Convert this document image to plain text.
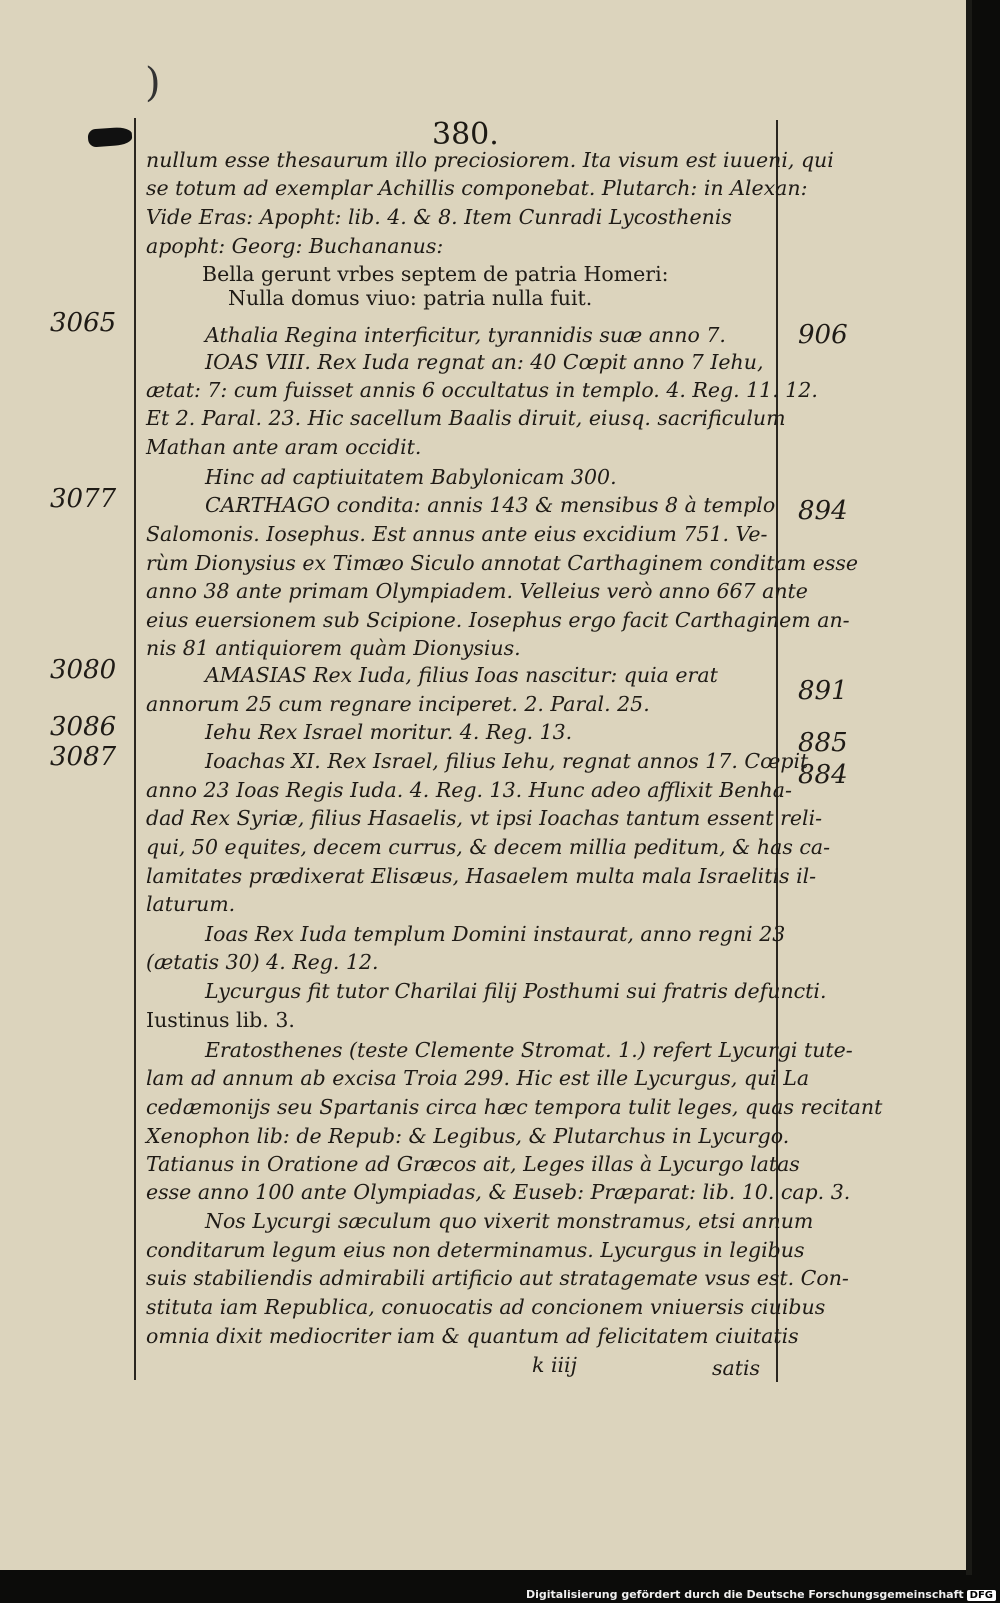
)
380.
nullum esse thesaurum illo preciosiorem. Ita visum est iuueni, qui
se totum ad exemplar Achillis componebat. Plutarch: in Alexan:
Vide Eras: Apopht: lib. 4. & 8. Item Cunradi Lycosthenis
apopht: Georg: Buchananus:
Bella gerunt vrbes septem de patria Homeri:
Nulla domus viuo: patria nulla fuit.
Athalia Regina interficitur, tyrannidis suæ anno 7.
IOAS VIII. Rex Iuda regnat an: 40 Cœpit anno 7 Iehu,
ætat: 7: cum fuisset annis 6 occultatus in templo. 4. Reg. 11. 12.
Et 2. Paral. 23. Hic sacellum Baalis diruit, eiusq. sacrificulum
Mathan ante aram occidit.
Hinc ad captiuitatem Babylonicam 300.
CARTHAGO condita: annis 143 & mensibus 8 à templo
Salomonis. Iosephus. Est annus ante eius excidium 751. Ve-
rùm Dionysius ex Timæo Siculo annotat Carthaginem conditam esse
anno 38 ante primam Olympiadem. Velleius verò anno 667 ante
eius euersionem sub Scipione. Iosephus ergo facit Carthaginem an-
nis 81 antiquiorem quàm Dionysius.
AMASIAS Rex Iuda, filius Ioas nascitur: quia erat
annorum 25 cum regnare inciperet. 2. Paral. 25.
Iehu Rex Israel moritur. 4. Reg. 13.
Ioachas XI. Rex Israel, filius Iehu, regnat annos 17. Cœpit
anno 23 Ioas Regis Iuda. 4. Reg. 13. Hunc adeo afflixit Benha-
dad Rex Syriæ, filius Hasaelis, vt ipsi Ioachas tantum essent reli-
qui, 50 equites, decem currus, & decem millia peditum, & has ca-
lamitates prædixerat Elisæus, Hasaelem multa mala Israelitis il-
laturum.
Ioas Rex Iuda templum Domini instaurat, anno regni 23
(ætatis 30) 4. Reg. 12.
Lycurgus fit tutor Charilai filij Posthumi sui fratris defuncti.
Iustinus lib. 3.
Eratosthenes (teste Clemente Stromat. 1.) refert Lycurgi tute-
lam ad annum ab excisa Troia 299. Hic est ille Lycurgus, qui La
cedæmonijs seu Spartanis circa hæc tempora tulit leges, quas recitant
Xenophon lib: de Repub: & Legibus, & Plutarchus in Lycurgo.
Tatianus in Oratione ad Græcos ait, Leges illas à Lycurgo latas
esse anno 100 ante Olympiadas, & Euseb: Præparat: lib. 10. cap. 3.
Nos Lycurgi sæculum quo vixerit monstramus, etsi annum
conditarum legum eius non determinamus. Lycurgus in legibus
suis stabiliendis admirabili artificio aut stratagemate vsus est. Con-
stituta iam Republica, conuocatis ad concionem vniuersis ciuibus
omnia dixit mediocriter iam & quantum ad felicitatem ciuitatis
3065
3077
3080
3086
3087
906
894
891
885
884
k iiij	satis
Digitalisierung gefördert durch die Deutsche Forschungsgemeinschaft DFG
